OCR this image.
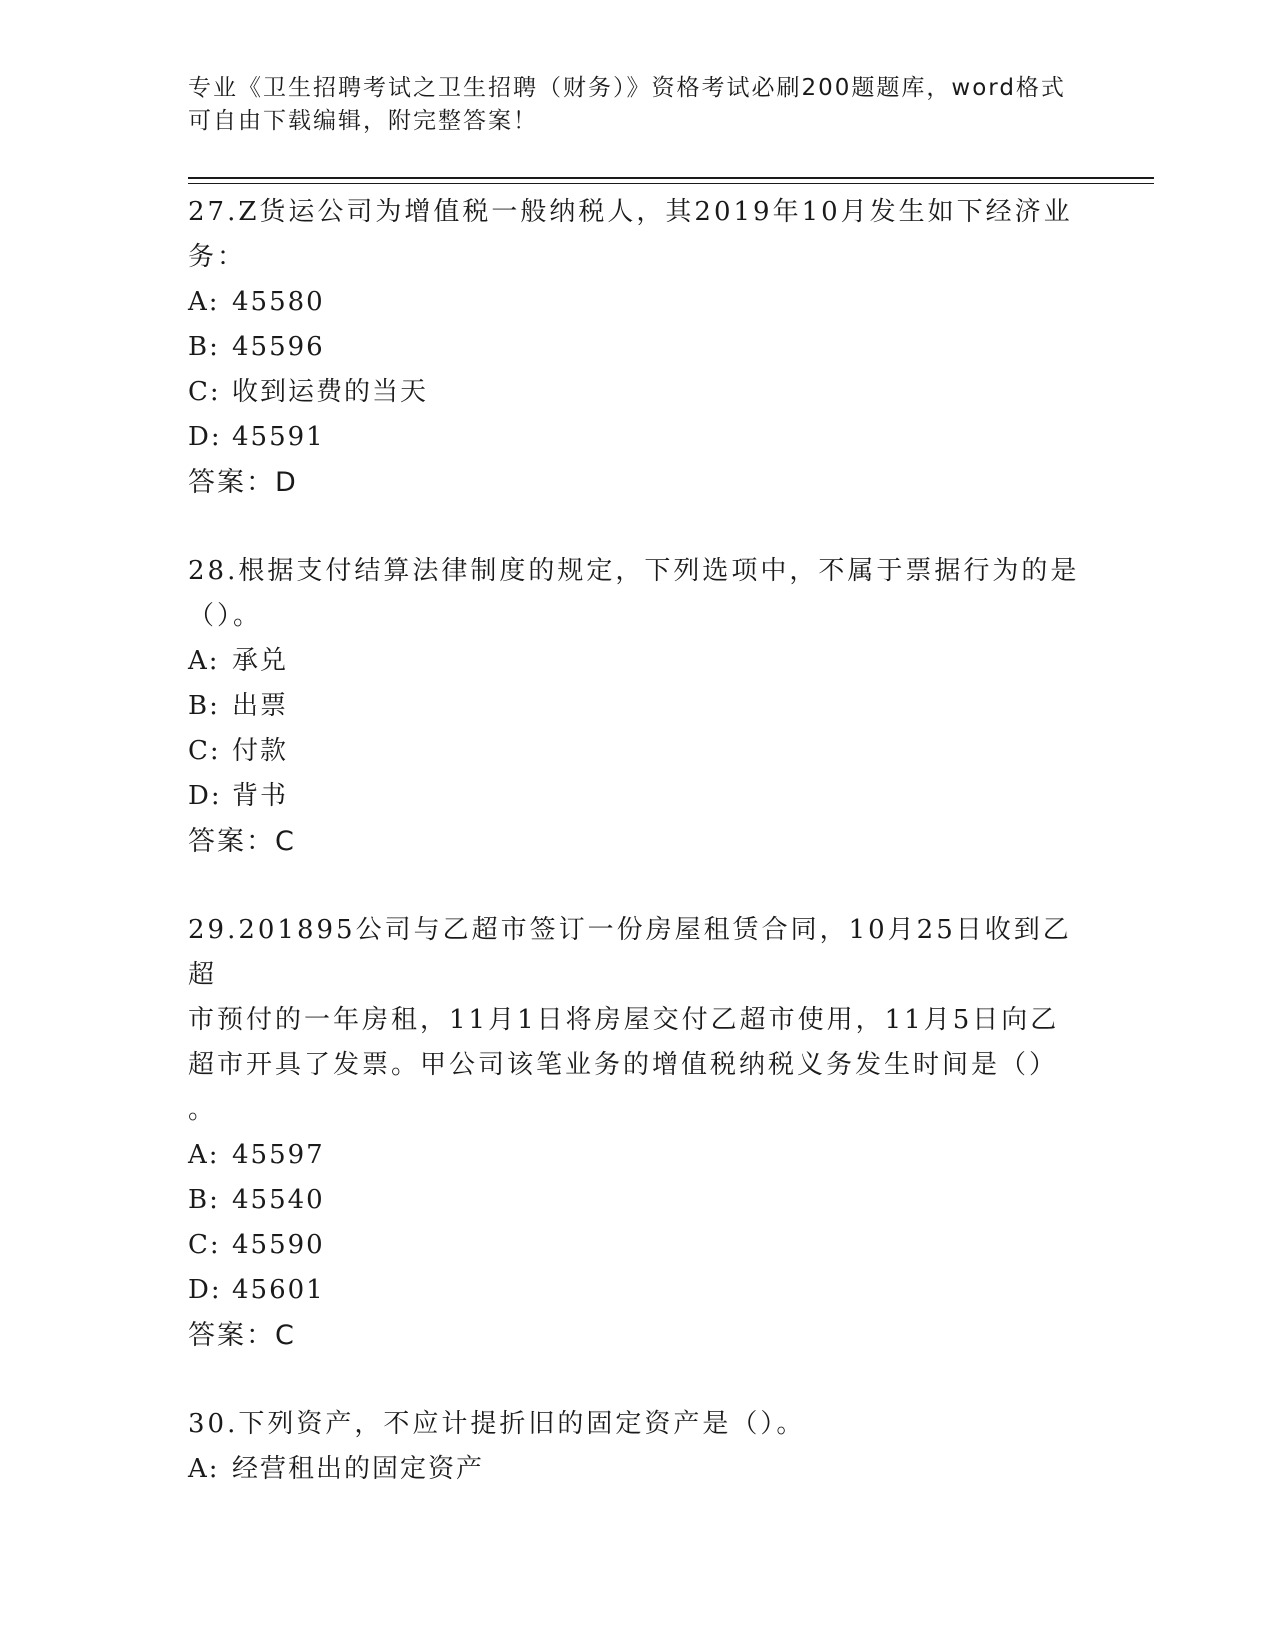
专业《卫生招聘考试之卫生招聘（财务）》资格考试必刷200题题库，word格式
可自由下载编辑，附完整答案！

27.Z货运公司为增值税一般纳税人，其2019年10月发生如下经济业

务：

A: 45580

B: 45596

C: 收到运费的当天

D: 45591

答案：D

28.根据支付结算法律制度的规定，下列选项中，不属于票据行为的是

（）。

A: 承兑

B: 出票

C: 付款

D: 背书

答案：C

29.201895公司与乙超市签订一份房屋租赁合同，10月25日收到乙超

市预付的一年房租，11月1日将房屋交付乙超市使用，11月5日向乙

超市开具了发票。甲公司该笔业务的增值税纳税义务发生时间是（）

。

A: 45597

B: 45540

C: 45590

D: 45601

答案：C

30.下列资产，不应计提折旧的固定资产是（）。

A: 经营租出的固定资产
